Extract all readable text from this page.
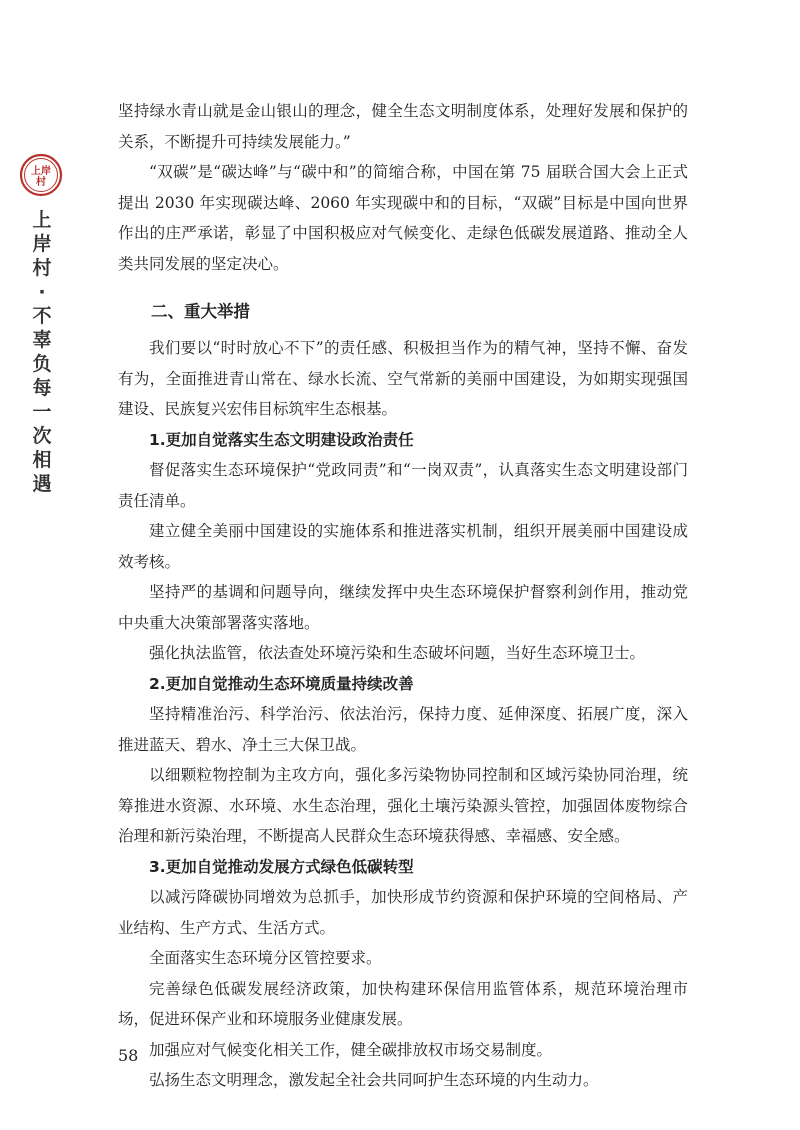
上岸
村
上岸村·不辜负每一次相遇

坚持绿水青山就是金山银山的理念，健全生态文明制度体系，处理好发展和保护的关系，不断提升可持续发展能力。”

“双碳”是“碳达峰”与“碳中和”的简缩合称，中国在第 75 届联合国大会上正式提出 2030 年实现碳达峰、2060 年实现碳中和的目标，“双碳”目标是中国向世界作出的庄严承诺，彰显了中国积极应对气候变化、走绿色低碳发展道路、推动全人类共同发展的坚定决心。

二、重大举措

我们要以“时时放心不下”的责任感、积极担当作为的精气神，坚持不懈、奋发有为，全面推进青山常在、绿水长流、空气常新的美丽中国建设，为如期实现强国建设、民族复兴宏伟目标筑牢生态根基。

1.更加自觉落实生态文明建设政治责任

督促落实生态环境保护“党政同责”和“一岗双责”，认真落实生态文明建设部门责任清单。

建立健全美丽中国建设的实施体系和推进落实机制，组织开展美丽中国建设成效考核。

坚持严的基调和问题导向，继续发挥中央生态环境保护督察利剑作用，推动党中央重大决策部署落实落地。

强化执法监管，依法查处环境污染和生态破坏问题，当好生态环境卫士。

2.更加自觉推动生态环境质量持续改善

坚持精准治污、科学治污、依法治污，保持力度、延伸深度、拓展广度，深入推进蓝天、碧水、净土三大保卫战。

以细颗粒物控制为主攻方向，强化多污染物协同控制和区域污染协同治理，统筹推进水资源、水环境、水生态治理，强化土壤污染源头管控，加强固体废物综合治理和新污染治理，不断提高人民群众生态环境获得感、幸福感、安全感。

3.更加自觉推动发展方式绿色低碳转型

以减污降碳协同增效为总抓手，加快形成节约资源和保护环境的空间格局、产业结构、生产方式、生活方式。

全面落实生态环境分区管控要求。

完善绿色低碳发展经济政策，加快构建环保信用监管体系，规范环境治理市场，促进环保产业和环境服务业健康发展。

加强应对气候变化相关工作，健全碳排放权市场交易制度。

弘扬生态文明理念，激发起全社会共同呵护生态环境的内生动力。

58
